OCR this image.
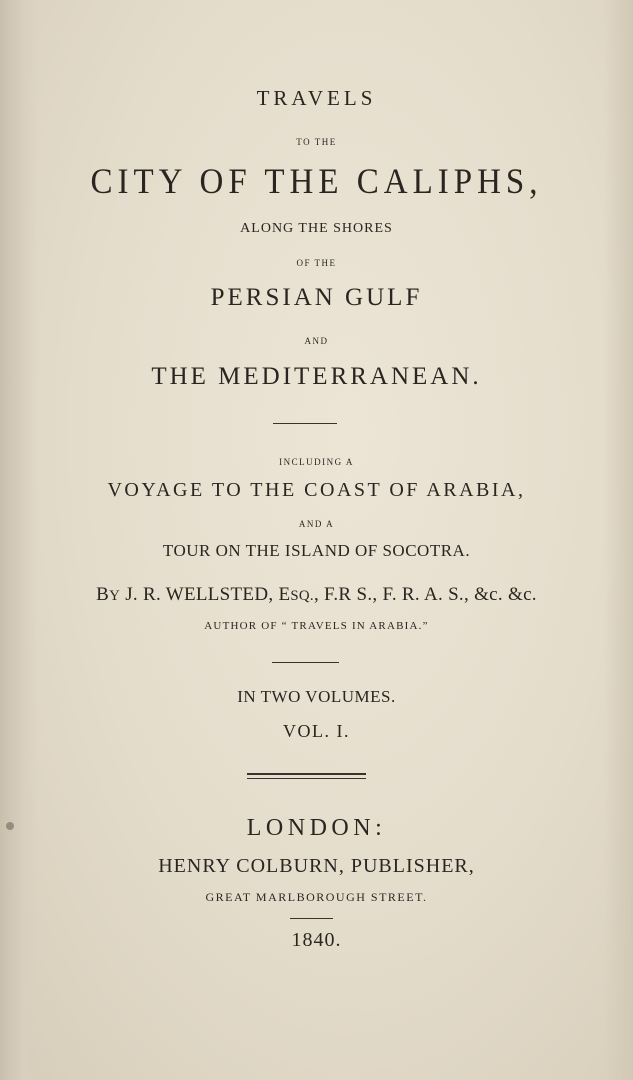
TRAVELS
TO THE
CITY OF THE CALIPHS,
ALONG THE SHORES
OF THE
PERSIAN GULF
AND
THE MEDITERRANEAN.
INCLUDING A
VOYAGE TO THE COAST OF ARABIA,
AND A
TOUR ON THE ISLAND OF SOCOTRA.
BY J. R. WELLSTED, ESQ., F.R S., F. R. A. S., &c. &c.
AUTHOR OF “ TRAVELS IN ARABIA.”
IN TWO VOLUMES.
VOL. I.
LONDON:
HENRY COLBURN, PUBLISHER,
GREAT MARLBOROUGH STREET.
1840.
